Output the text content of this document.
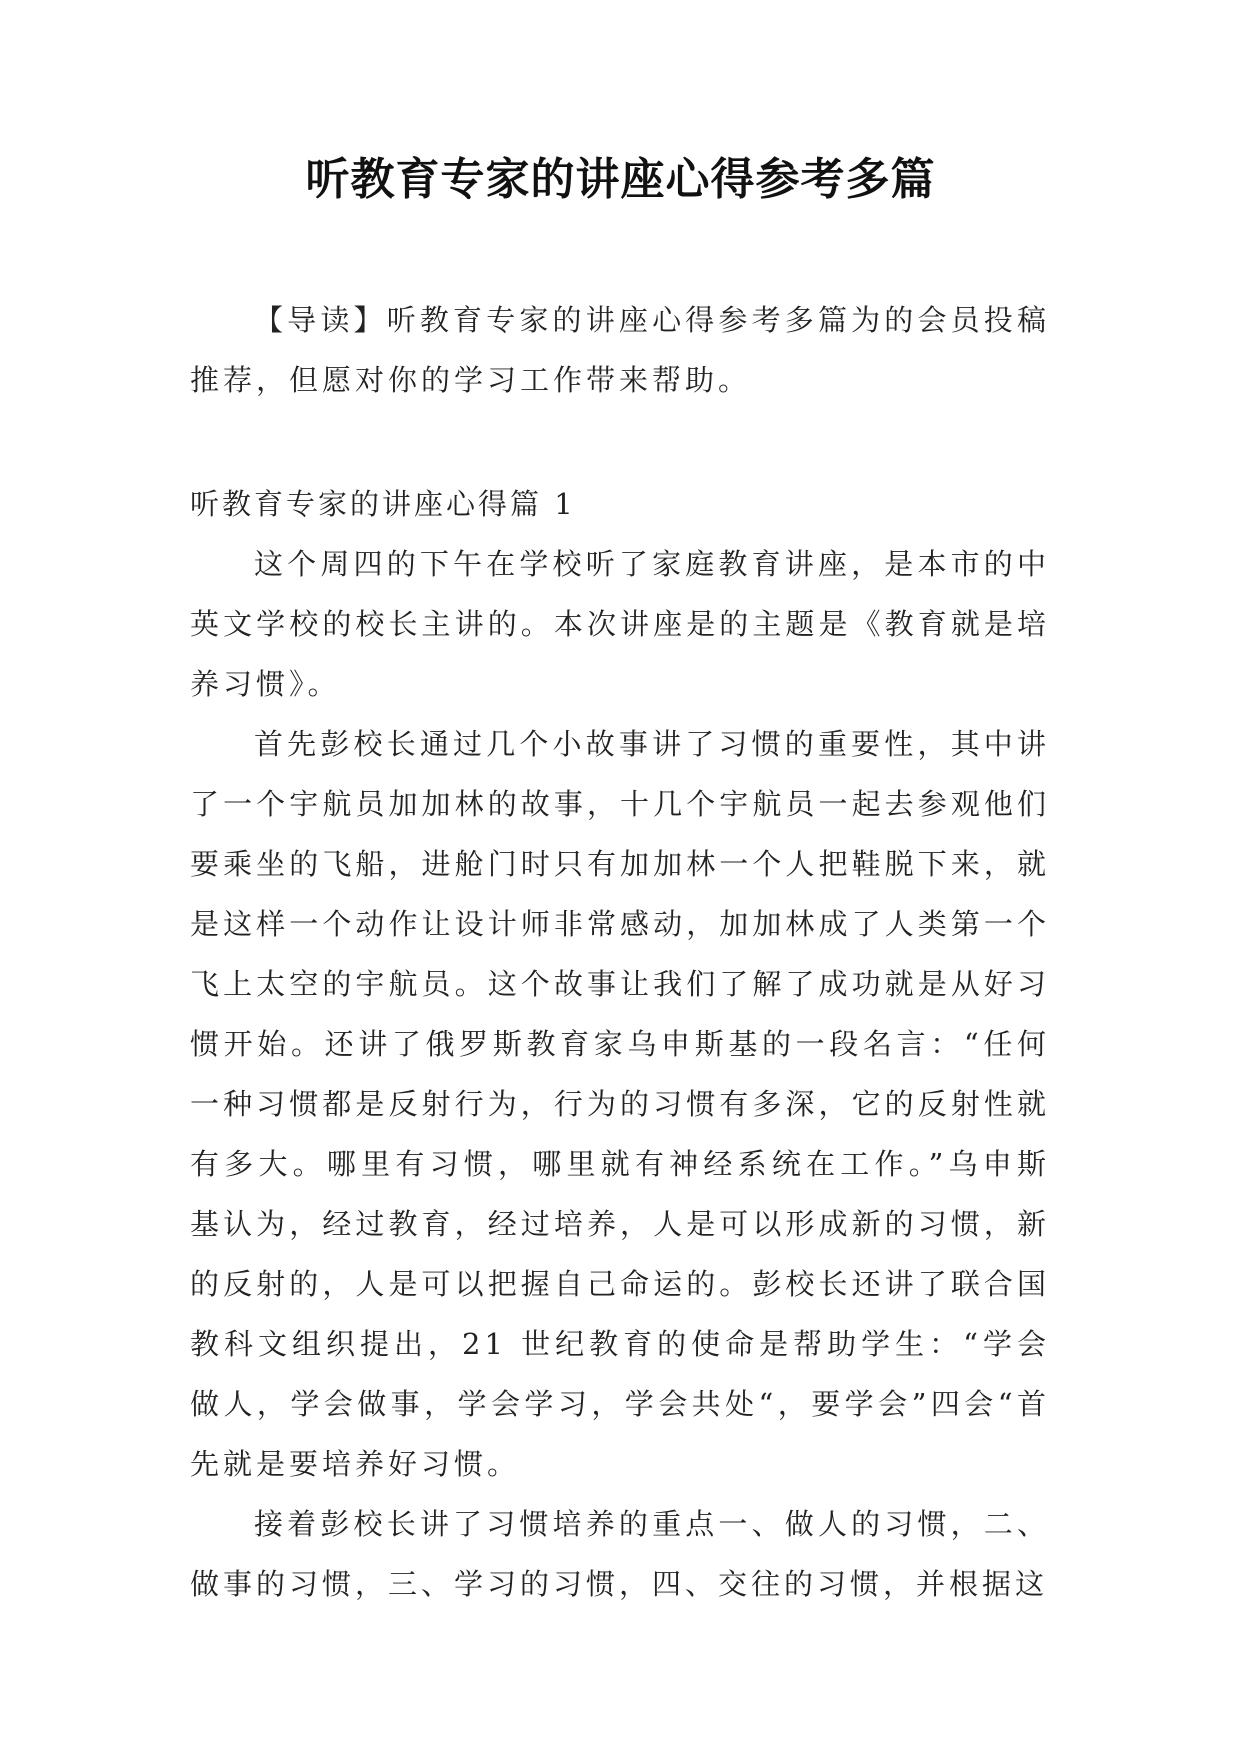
听教育专家的讲座心得参考多篇

【导读】听教育专家的讲座心得参考多篇为的会员投稿推荐，但愿对你的学习工作带来帮助。

听教育专家的讲座心得篇 1

这个周四的下午在学校听了家庭教育讲座，是本市的中英文学校的校长主讲的。本次讲座是的主题是《教育就是培养习惯》。

首先彭校长通过几个小故事讲了习惯的重要性，其中讲了一个宇航员加加林的故事，十几个宇航员一起去参观他们要乘坐的飞船，进舱门时只有加加林一个人把鞋脱下来，就是这样一个动作让设计师非常感动，加加林成了人类第一个飞上太空的宇航员。这个故事让我们了解了成功就是从好习惯开始。还讲了俄罗斯教育家乌申斯基的一段名言：“任何一种习惯都是反射行为，行为的习惯有多深，它的反射性就有多大。哪里有习惯，哪里就有神经系统在工作。”乌申斯基认为，经过教育，经过培养，人是可以形成新的习惯，新的反射的，人是可以把握自己命运的。彭校长还讲了联合国教科文组织提出，21 世纪教育的使命是帮助学生：“学会做人，学会做事，学会学习，学会共处“，要学会”四会“首先就是要培养好习惯。

接着彭校长讲了习惯培养的重点一、做人的习惯，二、做事的习惯，三、学习的习惯，四、交往的习惯，并根据这
